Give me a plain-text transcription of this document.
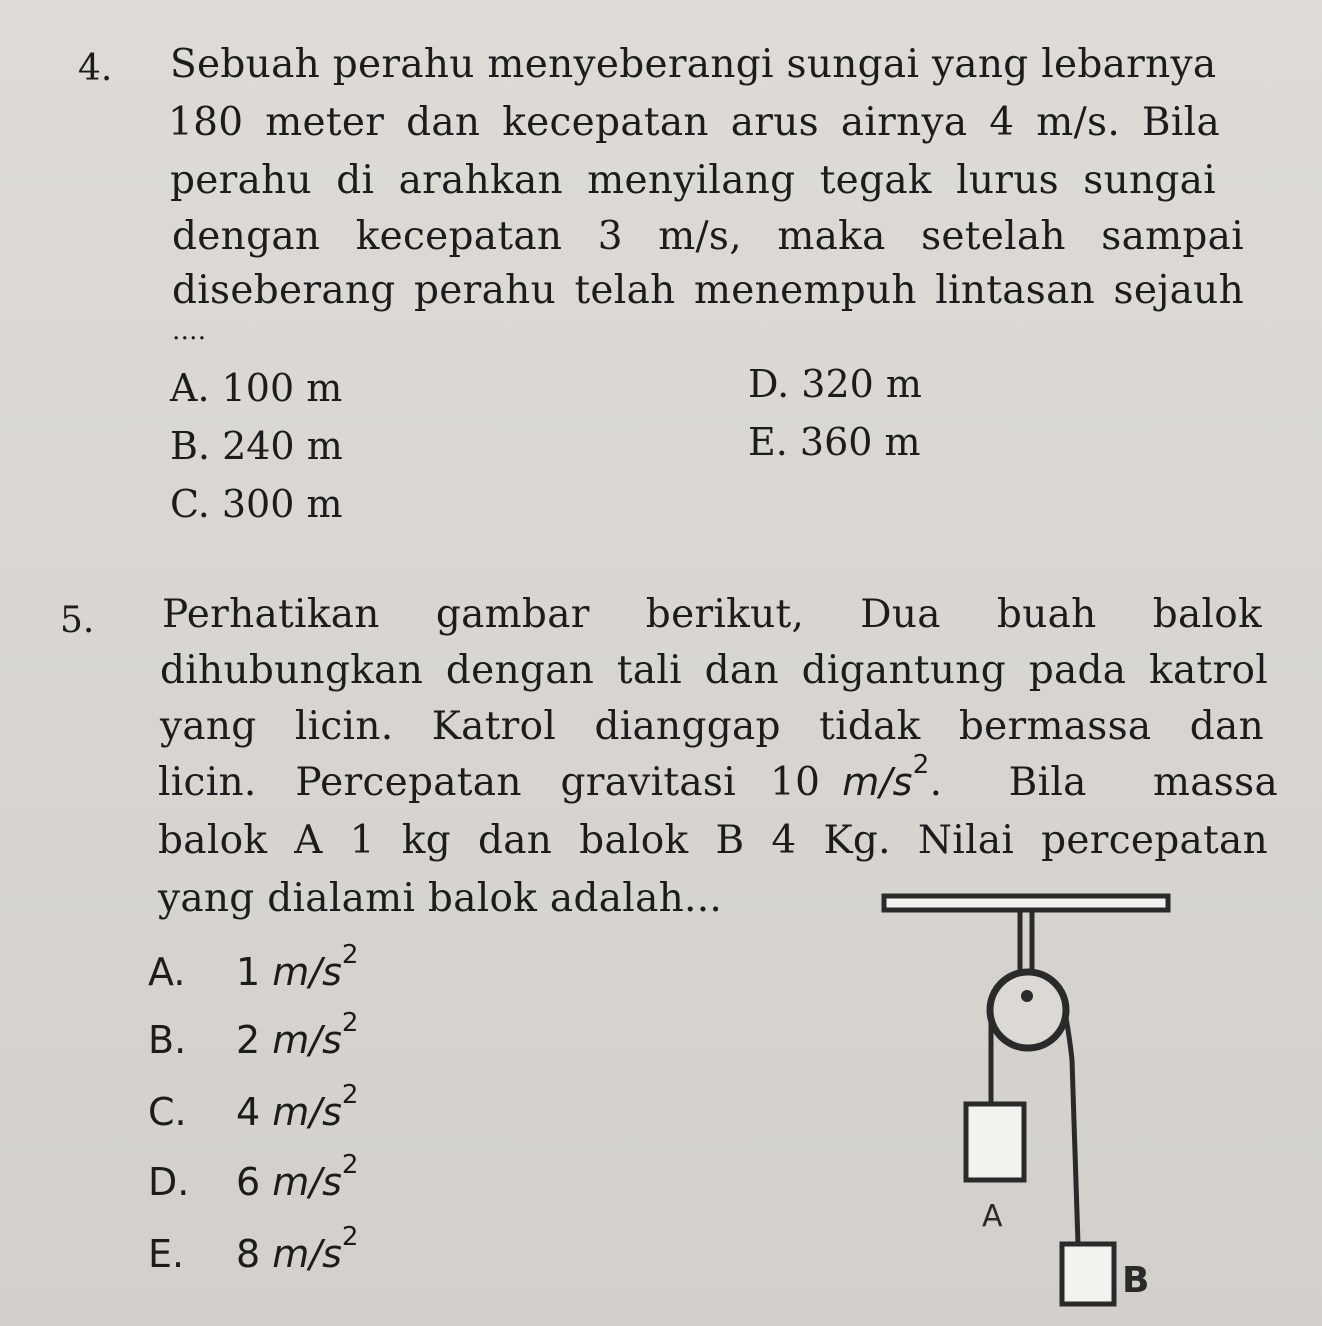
4. Sebuah perahu menyeberangi sungai yang lebarnya
180 meter dan kecepatan arus airnya 4 m/s. Bila
perahu di arahkan menyilang tegak lurus sungai
dengan kecepatan 3 m/s, maka setelah sampai
diseberang perahu telah menempuh lintasan sejauh
....
A. 100 m
B. 240 m
C. 300 m
D. 320 m
E. 360 m
5. Perhatikan gambar berikut, Dua buah balok
dihubungkan dengan tali dan digantung pada katrol
yang licin. Katrol dianggap tidak bermassa dan
licin. Percepatan gravitasi 10 $m/s^2$ . Bila massa
balok A 1 kg dan balok B 4 Kg. Nilai percepatan
yang dialami balok adalah...
A. 1 $m/s^2$
B. 2 $m/s^2$
C. 4 $m/s^2$
D. 6 $m/s^2$
E. 8 $m/s^2$
A
B
